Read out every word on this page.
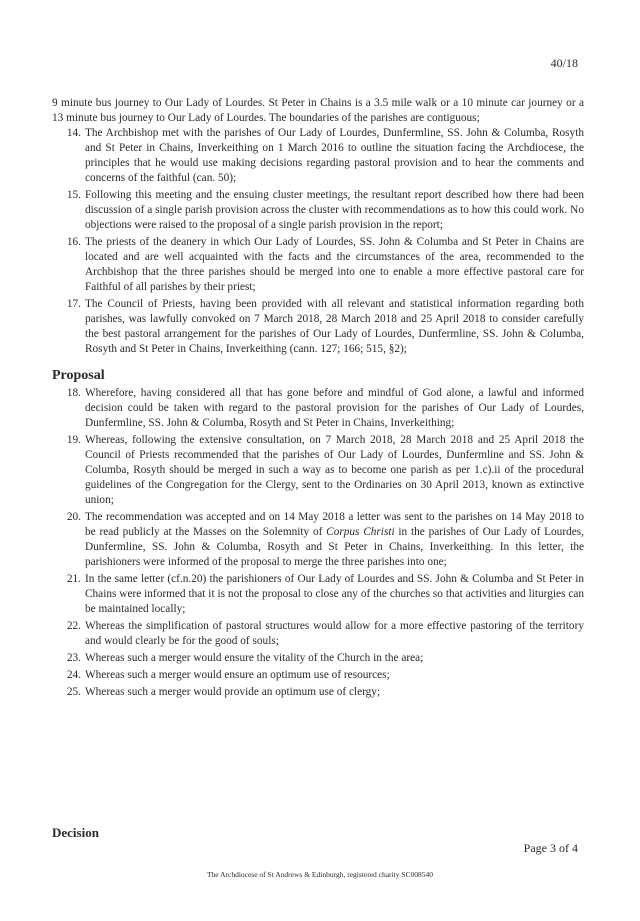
40/18

9 minute bus journey to Our Lady of Lourdes. St Peter in Chains is a 3.5 mile walk or a 10 minute car journey or a 13 minute bus journey to Our Lady of Lourdes. The boundaries of the parishes are contiguous;

14. The Archbishop met with the parishes of Our Lady of Lourdes, Dunfermline, SS. John & Columba, Rosyth and St Peter in Chains, Inverkeithing on 1 March 2016 to outline the situation facing the Archdiocese, the principles that he would use making decisions regarding pastoral provision and to hear the comments and concerns of the faithful (can. 50);

15. Following this meeting and the ensuing cluster meetings, the resultant report described how there had been discussion of a single parish provision across the cluster with recommendations as to how this could work. No objections were raised to the proposal of a single parish provision in the report;

16. The priests of the deanery in which Our Lady of Lourdes, SS. John & Columba and St Peter in Chains are located and are well acquainted with the facts and the circumstances of the area, recommended to the Archbishop that the three parishes should be merged into one to enable a more effective pastoral care for Faithful of all parishes by their priest;

17. The Council of Priests, having been provided with all relevant and statistical information regarding both parishes, was lawfully convoked on 7 March 2018, 28 March 2018 and 25 April 2018 to consider carefully the best pastoral arrangement for the parishes of Our Lady of Lourdes, Dunfermline, SS. John & Columba, Rosyth and St Peter in Chains, Inverkeithing (cann. 127; 166; 515, §2);

Proposal
18. Wherefore, having considered all that has gone before and mindful of God alone, a lawful and informed decision could be taken with regard to the pastoral provision for the parishes of Our Lady of Lourdes, Dunfermline, SS. John & Columba, Rosyth and St Peter in Chains, Inverkeithing;

19. Whereas, following the extensive consultation, on 7 March 2018, 28 March 2018 and 25 April 2018 the Council of Priests recommended that the parishes of Our Lady of Lourdes, Dunfermline and SS. John & Columba, Rosyth should be merged in such a way as to become one parish as per 1.c).ii of the procedural guidelines of the Congregation for the Clergy, sent to the Ordinaries on 30 April 2013, known as extinctive union;

20. The recommendation was accepted and on 14 May 2018 a letter was sent to the parishes on 14 May 2018 to be read publicly at the Masses on the Solemnity of Corpus Christi in the parishes of Our Lady of Lourdes, Dunfermline, SS. John & Columba, Rosyth and St Peter in Chains, Inverkeithing. In this letter, the parishioners were informed of the proposal to merge the three parishes into one;

21. In the same letter (cf.n.20) the parishioners of Our Lady of Lourdes and SS. John & Columba and St Peter in Chains were informed that it is not the proposal to close any of the churches so that activities and liturgies can be maintained locally;

22. Whereas the simplification of pastoral structures would allow for a more effective pastoring of the territory and would clearly be for the good of souls;

23. Whereas such a merger would ensure the vitality of the Church in the area;

24. Whereas such a merger would ensure an optimum use of resources;

25. Whereas such a merger would provide an optimum use of clergy;

Decision
Page 3 of 4
The Archdiocese of St Andrews & Edinburgh, registered charity SC008540
